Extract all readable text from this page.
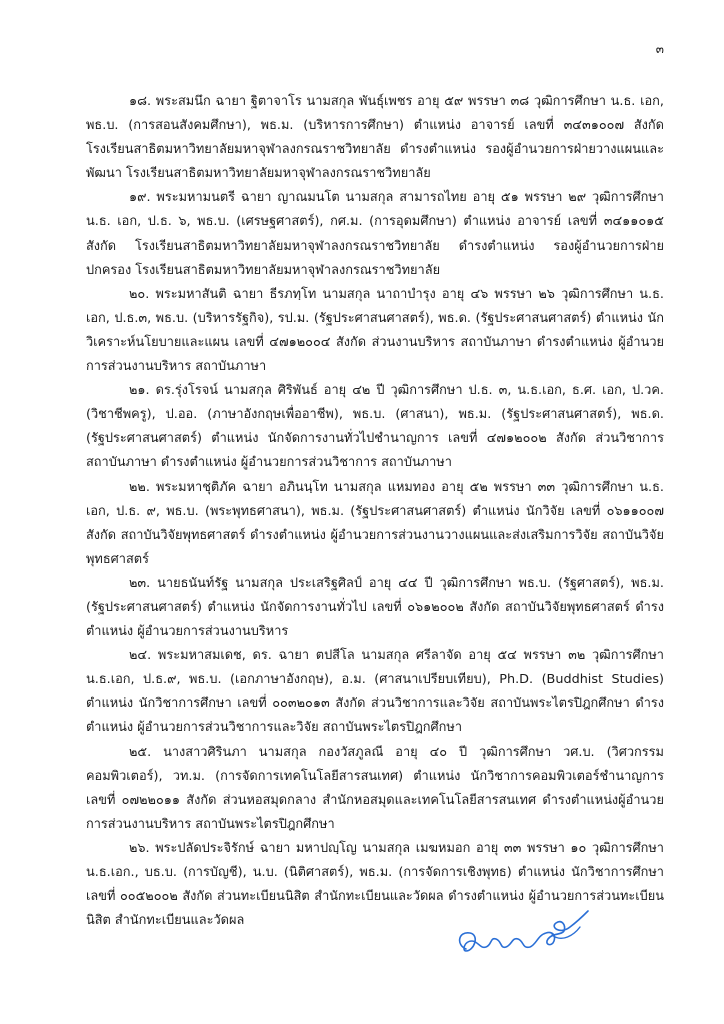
๓

๑๘. พระสมนึก ฉายา ฐิตาจาโร นามสกุล พันธุ์เพชร อายุ ๕๙ พรรษา ๓๘ วุฒิการศึกษา น.ธ. เอก, พธ.บ. (การสอนสังคมศึกษา), พธ.ม. (บริหารการศึกษา) ตำแหน่ง อาจารย์ เลขที่ ๓๔๓๑๐๐๗ สังกัด โรงเรียนสาธิตมหาวิทยาลัยมหาจุฬาลงกรณราชวิทยาลัย ดำรงตำแหน่ง รองผู้อำนวยการฝ่ายวางแผนและพัฒนา โรงเรียนสาธิตมหาวิทยาลัยมหาจุฬาลงกรณราชวิทยาลัย

๑๙. พระมหามนตรี ฉายา ญาณมนโต นามสกุล สามารถไทย อายุ ๕๑ พรรษา ๒๙ วุฒิการศึกษา น.ธ. เอก, ป.ธ. ๖, พธ.บ. (เศรษฐศาสตร์), กศ.ม. (การอุดมศึกษา) ตำแหน่ง อาจารย์ เลขที่ ๓๔๑๑๐๑๕ สังกัด โรงเรียนสาธิตมหาวิทยาลัยมหาจุฬาลงกรณราชวิทยาลัย ดำรงตำแหน่ง รองผู้อำนวยการฝ่ายปกครอง โรงเรียนสาธิตมหาวิทยาลัยมหาจุฬาลงกรณราชวิทยาลัย

๒๐. พระมหาสันติ ฉายา ธีรภทฺโท นามสกุล นาถาบำรุง อายุ ๔๖ พรรษา ๒๖ วุฒิการศึกษา น.ธ. เอก, ป.ธ.๓, พธ.บ. (บริหารรัฐกิจ), รป.ม. (รัฐประศาสนศาสตร์), พธ.ด. (รัฐประศาสนศาสตร์) ตำแหน่ง นักวิเคราะห์นโยบายและแผน เลขที่ ๔๗๑๒๐๐๔ สังกัด ส่วนงานบริหาร สถาบันภาษา ดำรงตำแหน่ง ผู้อำนวยการส่วนงานบริหาร สถาบันภาษา

๒๑. ดร.รุ่งโรจน์ นามสกุล ศิริพันธ์ อายุ ๔๒ ปี วุฒิการศึกษา ป.ธ. ๓, น.ธ.เอก, ธ.ศ. เอก, ป.วค. (วิชาชีพครู), ป.ออ. (ภาษาอังกฤษเพื่ออาชีพ), พธ.บ. (ศาสนา), พธ.ม. (รัฐประศาสนศาสตร์), พธ.ด. (รัฐประศาสนศาสตร์) ตำแหน่ง นักจัดการงานทั่วไปชำนาญการ เลขที่ ๔๗๑๒๐๐๒ สังกัด ส่วนวิชาการ สถาบันภาษา ดำรงตำแหน่ง ผู้อำนวยการส่วนวิชาการ สถาบันภาษา

๒๒. พระมหาชุติภัค ฉายา อภินนฺโท นามสกุล แหมทอง อายุ ๕๒ พรรษา ๓๓ วุฒิการศึกษา น.ธ. เอก, ป.ธ. ๙, พธ.บ. (พระพุทธศาสนา), พธ.ม. (รัฐประศาสนศาสตร์) ตำแหน่ง นักวิจัย เลขที่ ๐๖๑๑๐๐๗ สังกัด สถาบันวิจัยพุทธศาสตร์ ดำรงตำแหน่ง ผู้อำนวยการส่วนงานวางแผนและส่งเสริมการวิจัย สถาบันวิจัยพุทธศาสตร์

๒๓. นายธนันท์รัฐ นามสกุล ประเสริฐศิลป์ อายุ ๔๔ ปี วุฒิการศึกษา พธ.บ. (รัฐศาสตร์), พธ.ม. (รัฐประศาสนศาสตร์) ตำแหน่ง นักจัดการงานทั่วไป เลขที่ ๐๖๑๒๐๐๒ สังกัด สถาบันวิจัยพุทธศาสตร์ ดำรงตำแหน่ง ผู้อำนวยการส่วนงานบริหาร

๒๔. พระมหาสมเดช, ดร. ฉายา ตปสีโล นามสกุล ศรีลาจัด อายุ ๕๔ พรรษา ๓๒ วุฒิการศึกษา น.ธ.เอก, ป.ธ.๙, พธ.บ. (เอกภาษาอังกฤษ), อ.ม. (ศาสนาเปรียบเทียบ), Ph.D. (Buddhist Studies) ตำแหน่ง นักวิชาการศึกษา เลขที่ ๐๐๓๒๐๑๓ สังกัด ส่วนวิชาการและวิจัย สถาบันพระไตรปิฎกศึกษา ดำรงตำแหน่ง ผู้อำนวยการส่วนวิชาการและวิจัย สถาบันพระไตรปิฎกศึกษา

๒๕. นางสาวศิรินภา นามสกุล กองวัสภูลณี อายุ ๔๐ ปี วุฒิการศึกษา วศ.บ. (วิศวกรรมคอมพิวเตอร์), วท.ม. (การจัดการเทคโนโลยีสารสนเทศ) ตำแหน่ง นักวิชาการคอมพิวเตอร์ชำนาญการ เลขที่ ๐๗๒๒๐๑๑ สังกัด ส่วนหอสมุดกลาง สำนักหอสมุดและเทคโนโลยีสารสนเทศ ดำรงตำแหน่งผู้อำนวยการส่วนงานบริหาร สถาบันพระไตรปิฎกศึกษา

๒๖. พระปลัดประจิรักษ์ ฉายา มหาปญฺโญ นามสกุล เมฆหมอก อายุ ๓๓ พรรษา ๑๐ วุฒิการศึกษา น.ธ.เอก., บธ.บ. (การบัญชี), น.บ. (นิติศาสตร์), พธ.ม. (การจัดการเชิงพุทธ) ตำแหน่ง นักวิชาการศึกษา เลขที่ ๐๐๕๒๐๐๒ สังกัด ส่วนทะเบียนนิสิต สำนักทะเบียนและวัดผล ดำรงตำแหน่ง ผู้อำนวยการส่วนทะเบียนนิสิต สำนักทะเบียนและวัดผล
